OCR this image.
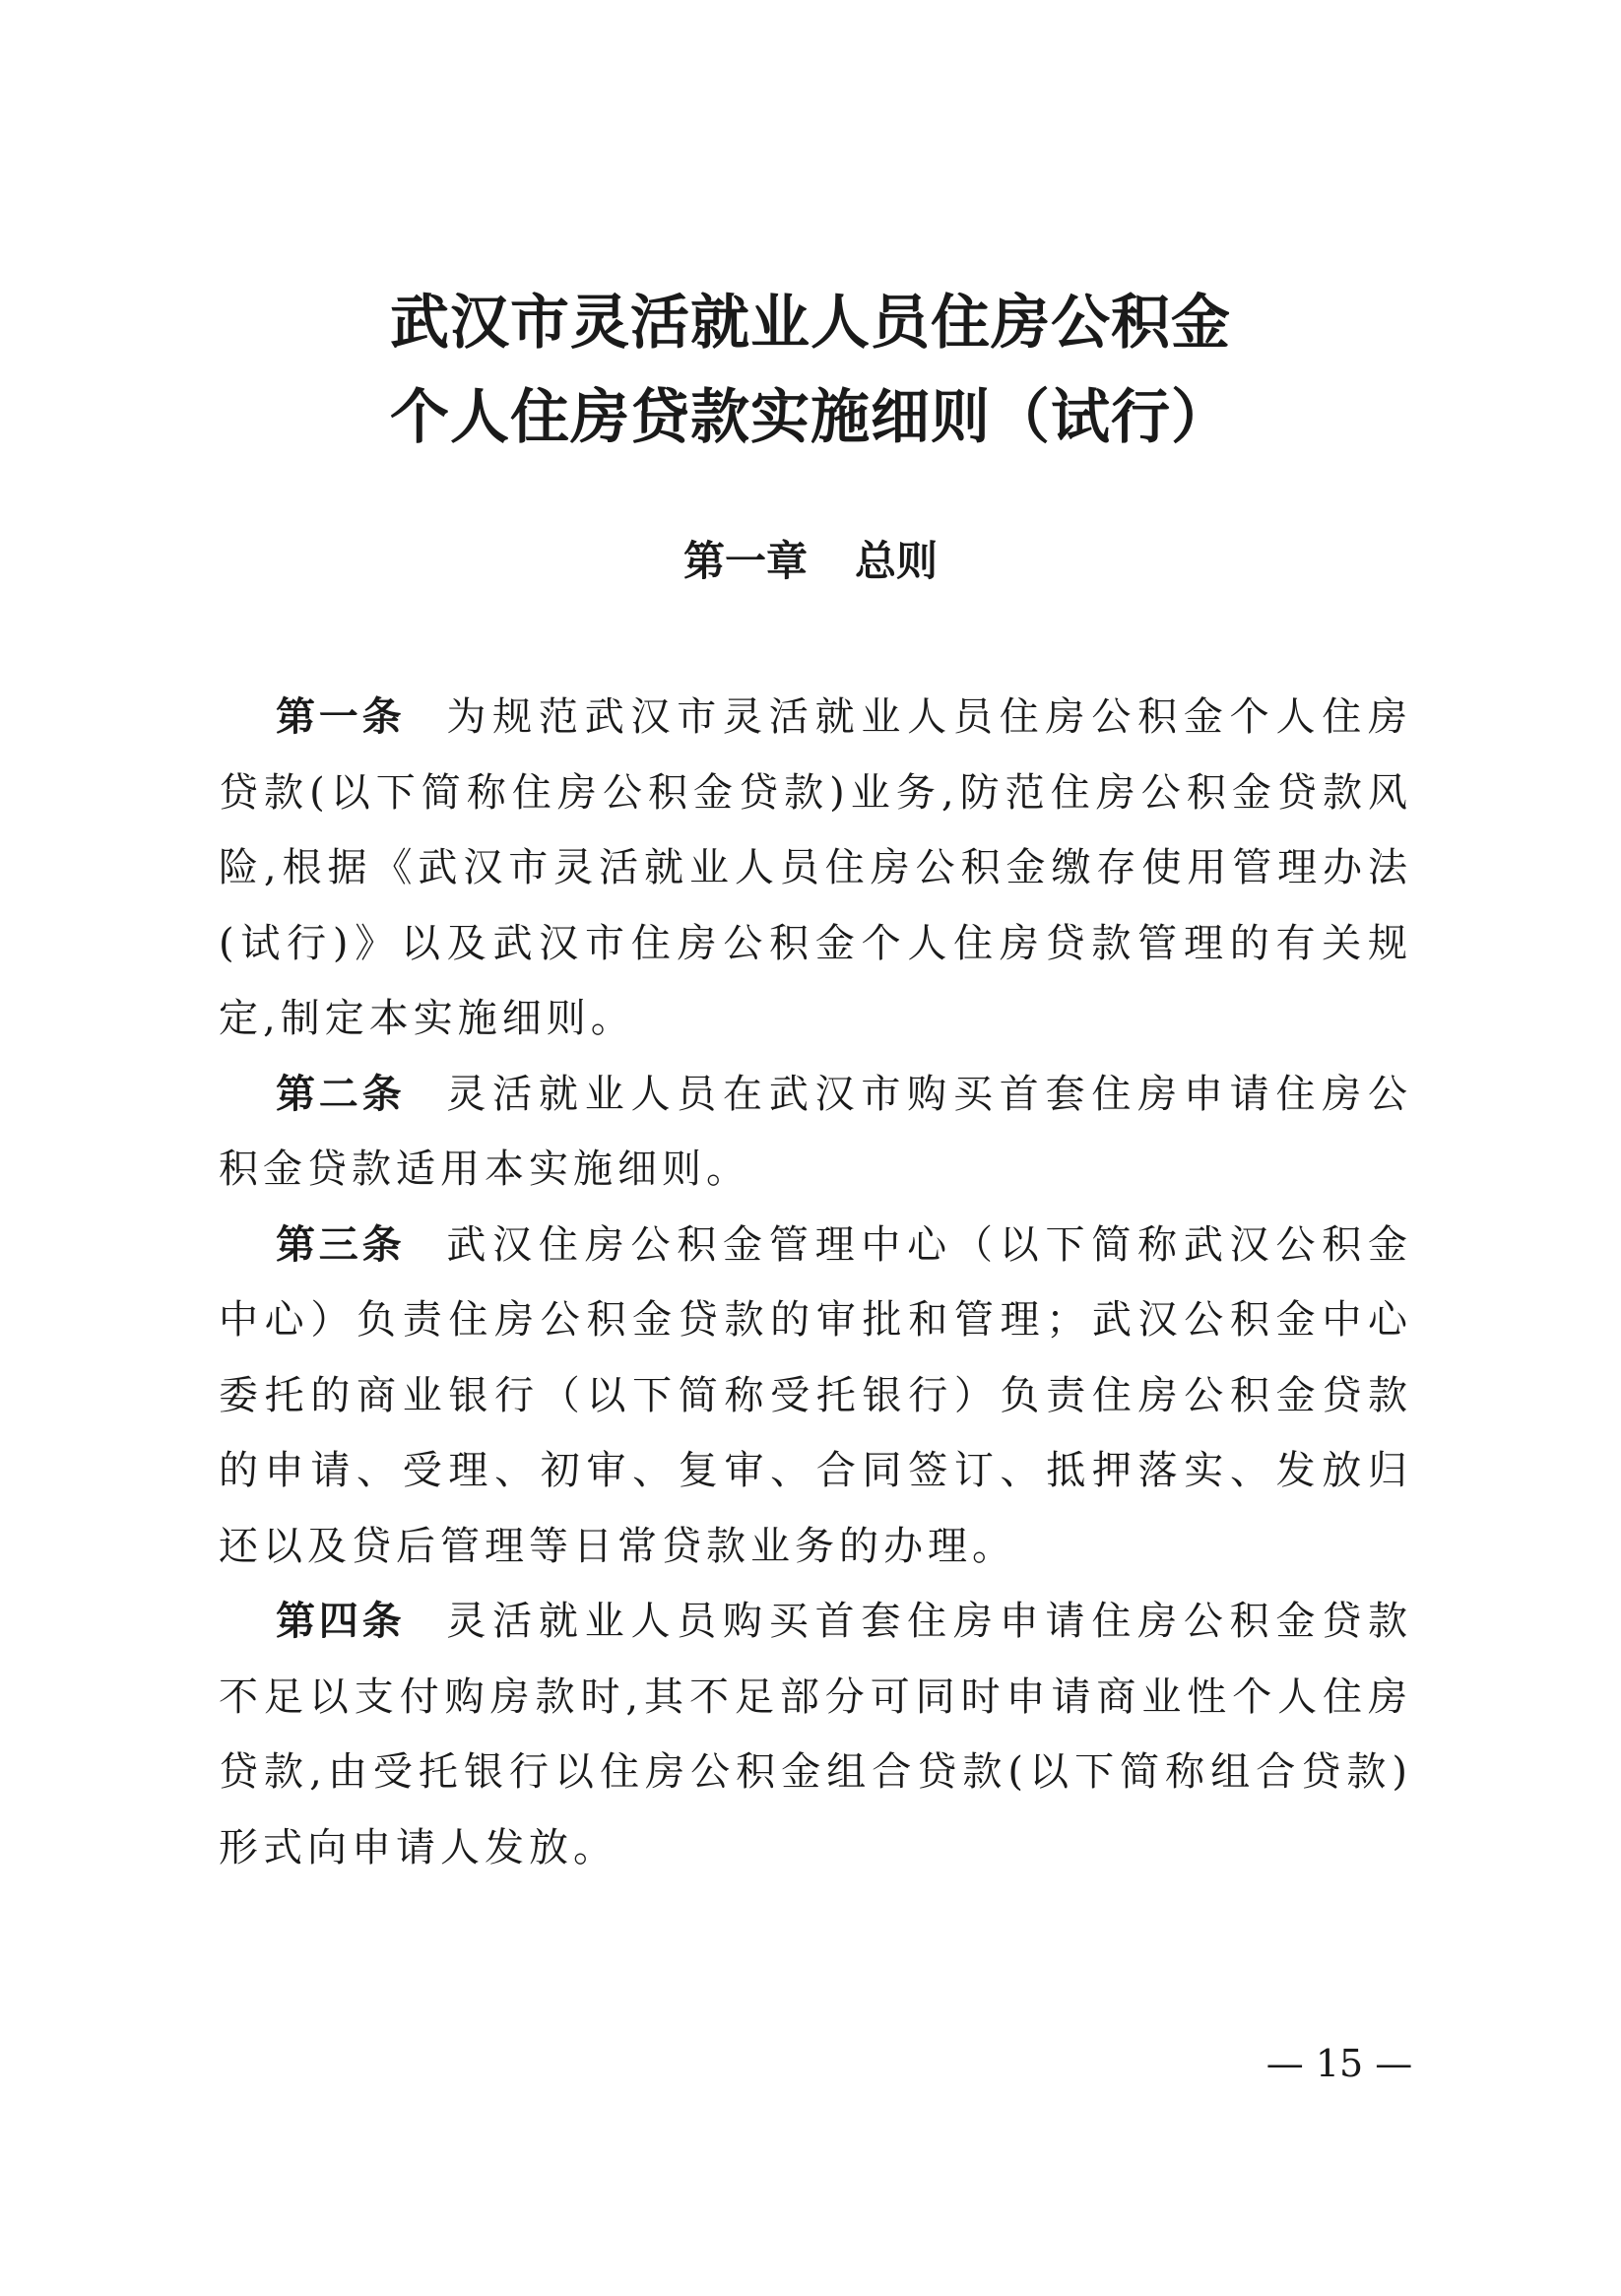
武汉市灵活就业人员住房公积金
个人住房贷款实施细则（试行）
第一章 总则

第一条 为规范武汉市灵活就业人员住房公积金个人住房贷款(以下简称住房公积金贷款)业务,防范住房公积金贷款风险,根据《武汉市灵活就业人员住房公积金缴存使用管理办法(试行)》以及武汉市住房公积金个人住房贷款管理的有关规定,制定本实施细则。

第二条 灵活就业人员在武汉市购买首套住房申请住房公积金贷款适用本实施细则。

第三条 武汉住房公积金管理中心（以下简称武汉公积金中心）负责住房公积金贷款的审批和管理；武汉公积金中心委托的商业银行（以下简称受托银行）负责住房公积金贷款的申请、受理、初审、复审、合同签订、抵押落实、发放归还以及贷后管理等日常贷款业务的办理。

第四条 灵活就业人员购买首套住房申请住房公积金贷款不足以支付购房款时,其不足部分可同时申请商业性个人住房贷款,由受托银行以住房公积金组合贷款(以下简称组合贷款)形式向申请人发放。

— 15 —
